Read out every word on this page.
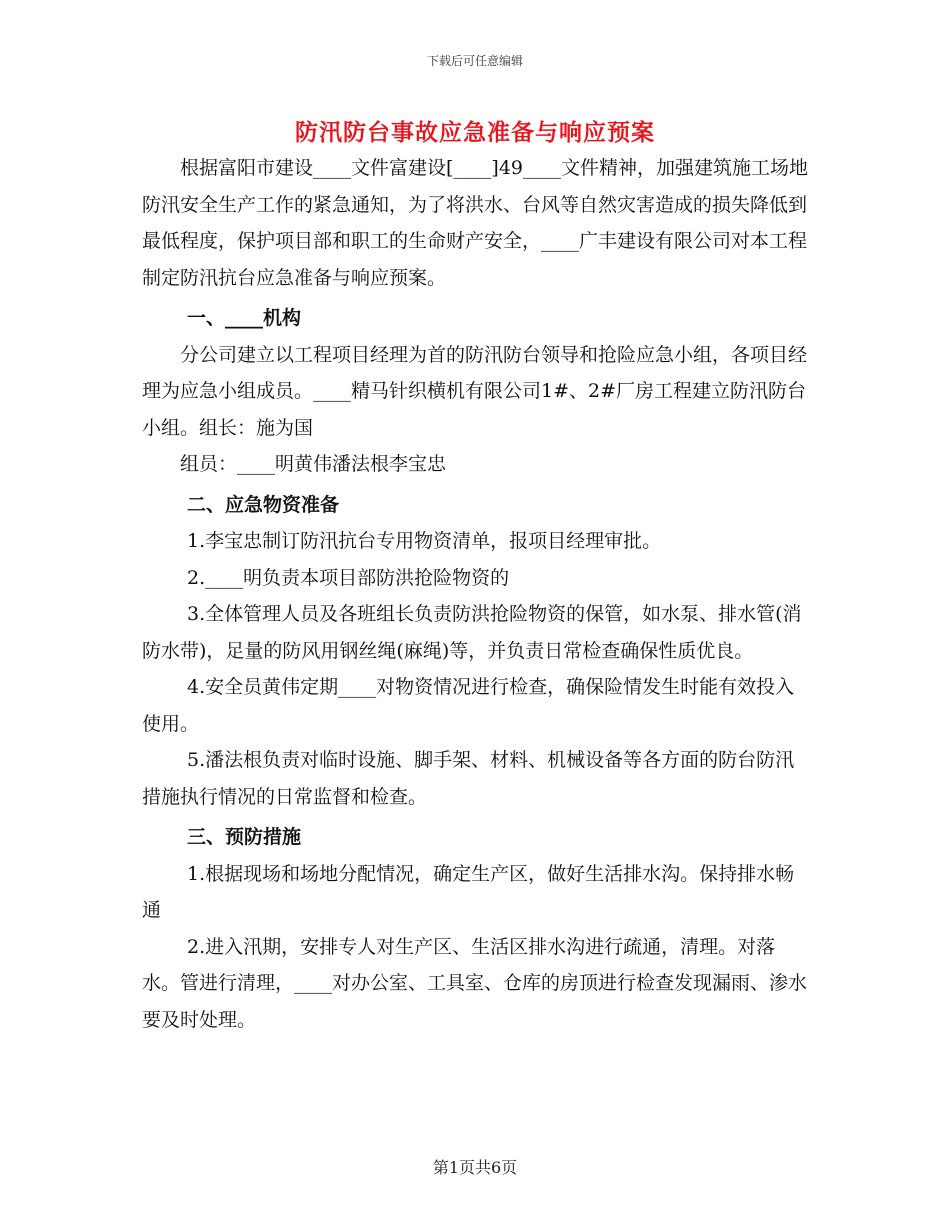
下载后可任意编辑
防汛防台事故应急准备与响应预案

根据富阳市建设____文件富建设[____]49____文件精神，加强建筑施工场地防汛安全生产工作的紧急通知，为了将洪水、台风等自然灾害造成的损失降低到最低程度，保护项目部和职工的生命财产安全，____广丰建设有限公司对本工程制定防汛抗台应急准备与响应预案。

一、____机构

分公司建立以工程项目经理为首的防汛防台领导和抢险应急小组，各项目经理为应急小组成员。____精马针织横机有限公司1#、2#厂房工程建立防汛防台小组。组长：施为国

组员：____明黄伟潘法根李宝忠

二、应急物资准备

1.李宝忠制订防汛抗台专用物资清单，报项目经理审批。

2.____明负责本项目部防洪抢险物资的

3.全体管理人员及各班组长负责防洪抢险物资的保管，如水泵、排水管(消防水带)，足量的防风用钢丝绳(麻绳)等，并负责日常检查确保性质优良。

4.安全员黄伟定期____对物资情况进行检查，确保险情发生时能有效投入使用。

5.潘法根负责对临时设施、脚手架、材料、机械设备等各方面的防台防汛措施执行情况的日常监督和检查。

三、预防措施

1.根据现场和场地分配情况，确定生产区，做好生活排水沟。保持排水畅通

2.进入汛期，安排专人对生产区、生活区排水沟进行疏通，清理。对落水。管进行清理，____对办公室、工具室、仓库的房顶进行检查发现漏雨、渗水要及时处理。

第1页共6页
